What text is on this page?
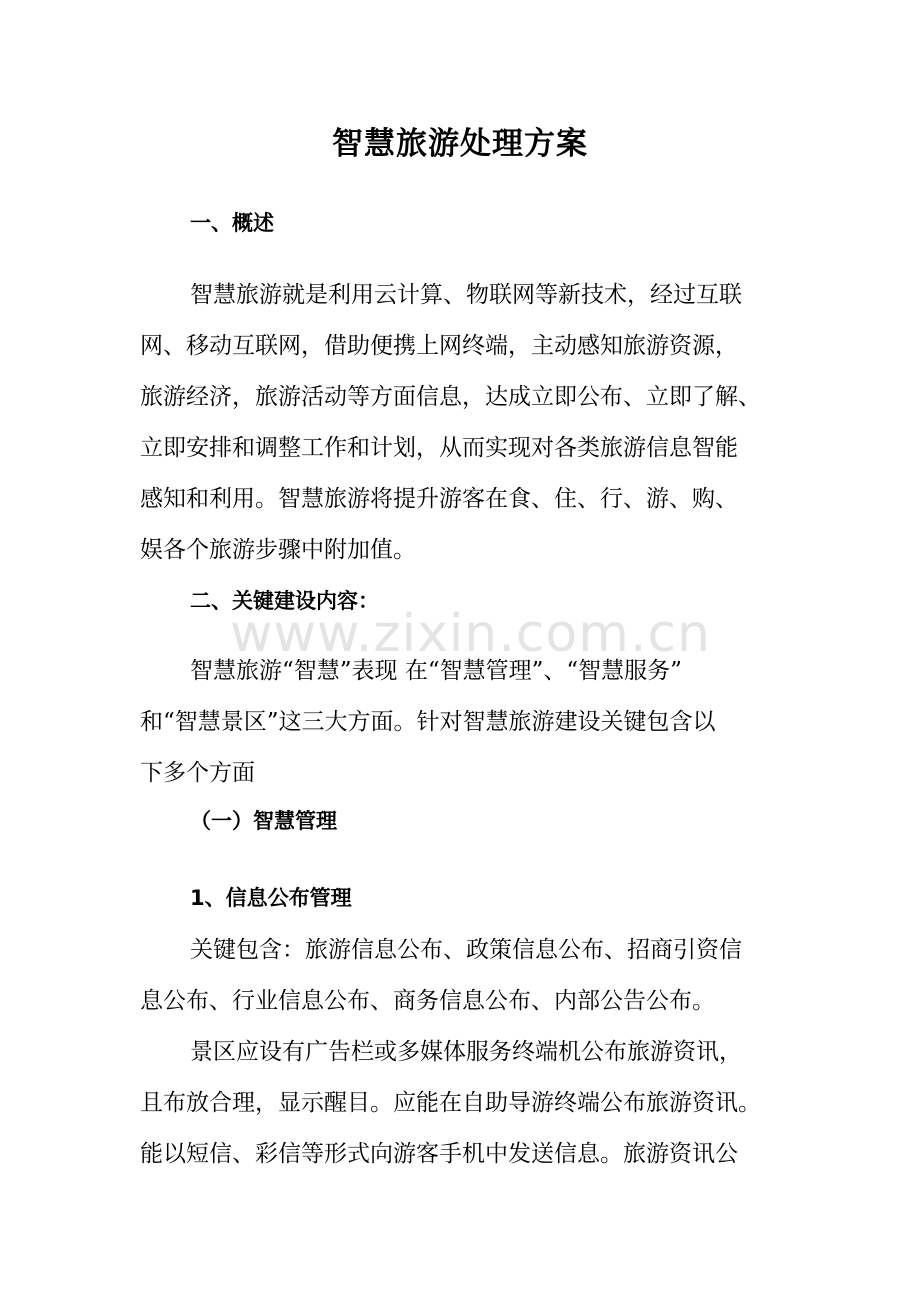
www.zixin.com.cn
智慧旅游处理方案
一、概述
智慧旅游就是利用云计算、物联网等新技术，经过互联
网、移动互联网，借助便携上网终端，主动感知旅游资源，
旅游经济，旅游活动等方面信息，达成立即公布、立即了解、
立即安排和调整工作和计划，从而实现对各类旅游信息智能
感知和利用。智慧旅游将提升游客在食、住、行、游、购、
娱各个旅游步骤中附加值。
二、关键建设内容：
智慧旅游“智慧”表现 在“智慧管理”、“智慧服务”
和“智慧景区”这三大方面。针对智慧旅游建设关键包含以
下多个方面
（一）智慧管理
1、信息公布管理
关键包含：旅游信息公布、政策信息公布、招商引资信
息公布、行业信息公布、商务信息公布、内部公告公布。
景区应设有广告栏或多媒体服务终端机公布旅游资讯，
且布放合理，显示醒目。应能在自助导游终端公布旅游资讯。
能以短信、彩信等形式向游客手机中发送信息。旅游资讯公
